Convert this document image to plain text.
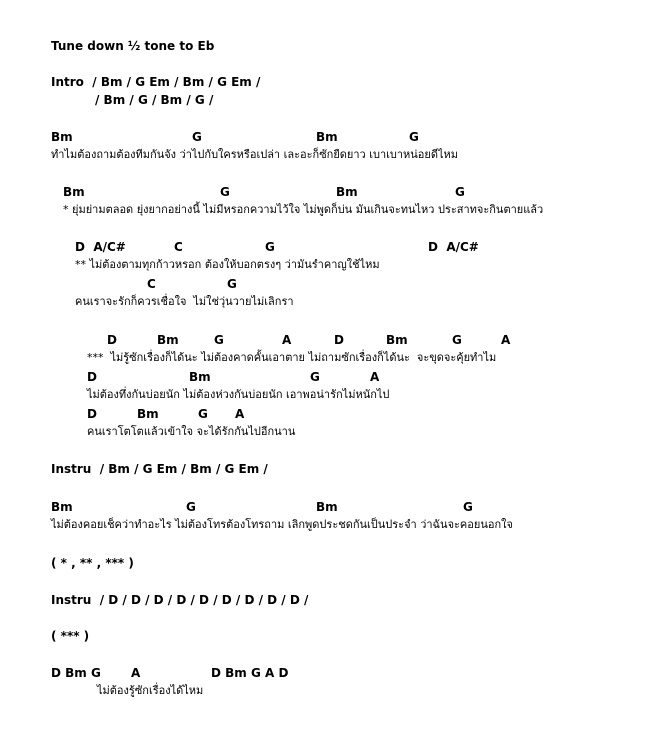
Tune down ½ tone to Eb
Intro  / Bm / G Em / Bm / G Em /
/ Bm / G / Bm / G /
Bm	G	Bm	G
ทำไมต้องถามต้องทีมกันจัง ว่าไปกับใครหรือเปล่า เละอะก็ซักยืดยาว เบาเบาหน่อยดีไหม
Bm	G	Bm	G
* ยุ่มย่ามตลอด ยุ่งยากอย่างนี้ ไม่มีหรอกความไว้ใจ ไม่พูดก็บ่น มันเกินจะทนไหว ประสาทจะกินตายแล้ว
D  A/C#	C	G	D  A/C#
** ไม่ต้องตามทุกก้าวหรอก ต้องให้บอกตรงๆ ว่ามันรำคาญใช้ไหม
C	G
คนเราจะรักก็ควรเชื่อใจ  ไม่ใช่วุ่นวายไม่เลิกรา
D	Bm	G	A	D	Bm	G	A
***  ไม่รู้ซักเรื่องก็ได้นะ ไม่ต้องคาดคั้นเอาตาย ไม่ถามซักเรื่องก็ได้นะ  จะขุดจะคุ้ยทำไม
D	Bm	G	A
ไม่ต้องทึ่งกันบ่อยนัก ไม่ต้องห่วงกันบ่อยนัก เอาพอน่ารักไม่หนักไป
D	Bm	G A
คนเราโตโตแล้วเข้าใจ จะได้รักกันไปอีกนาน
Instru  / Bm / G Em / Bm / G Em /
Bm	G	Bm	G
ไม่ต้องคอยเช็คว่าทำอะไร ไม่ต้องโทรต้องโทรถาม เลิกพูดประชดกันเป็นประจำ ว่าฉันจะคอยนอกใจ
( * , ** , *** )
Instru  / D / D / D / D / D / D / D / D / D /
( *** )
D Bm G	A	D Bm G A D
ไม่ต้องรู้ซักเรื่องได้ไหม
